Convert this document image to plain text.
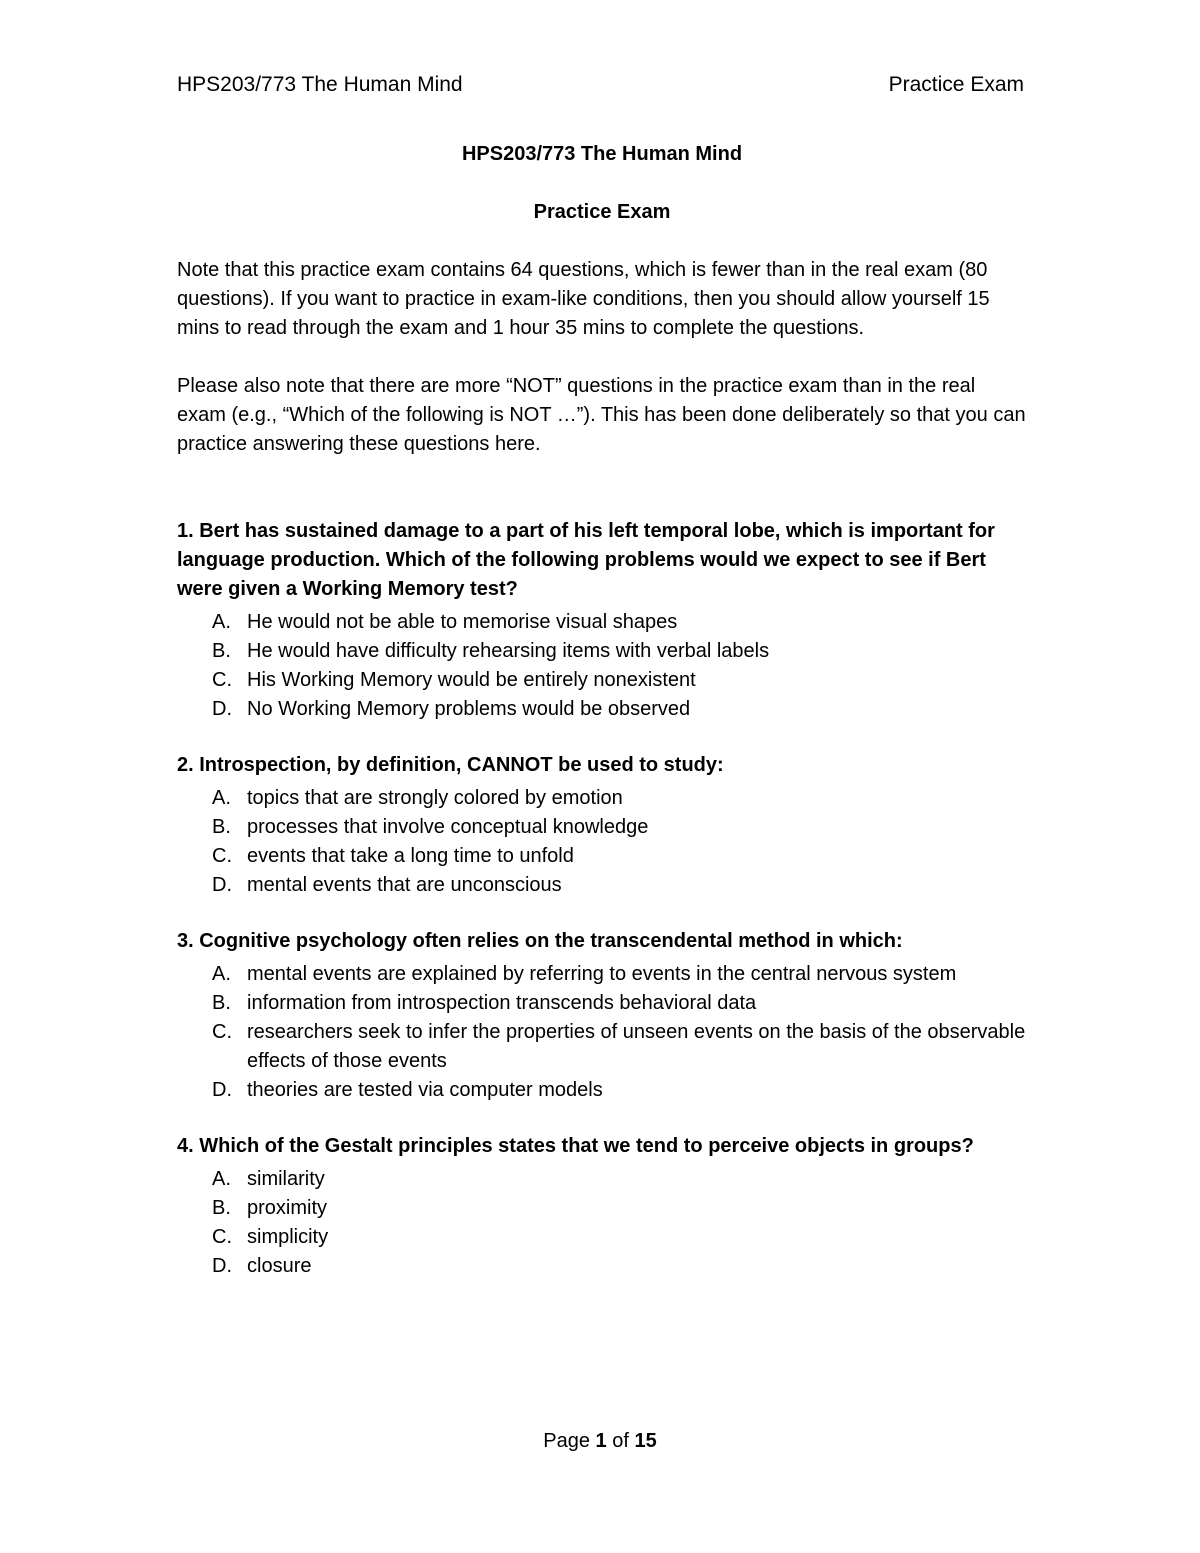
HPS203/773 The Human Mind	Practice Exam
HPS203/773 The Human Mind
Practice Exam

Note that this practice exam contains 64 questions, which is fewer than in the real exam (80 questions). If you want to practice in exam-like conditions, then you should allow yourself 15 mins to read through the exam and 1 hour 35 mins to complete the questions.

Please also note that there are more “NOT” questions in the practice exam than in the real exam (e.g., “Which of the following is NOT …”). This has been done deliberately so that you can practice answering these questions here.

1. Bert has sustained damage to a part of his left temporal lobe, which is important for language production. Which of the following problems would we expect to see if Bert were given a Working Memory test?
A. He would not be able to memorise visual shapes
B. He would have difficulty rehearsing items with verbal labels
C. His Working Memory would be entirely nonexistent
D. No Working Memory problems would be observed
2. Introspection, by definition, CANNOT be used to study:
A. topics that are strongly colored by emotion
B. processes that involve conceptual knowledge
C. events that take a long time to unfold
D. mental events that are unconscious
3. Cognitive psychology often relies on the transcendental method in which:
A. mental events are explained by referring to events in the central nervous system
B. information from introspection transcends behavioral data
C. researchers seek to infer the properties of unseen events on the basis of the observable effects of those events
D. theories are tested via computer models
4. Which of the Gestalt principles states that we tend to perceive objects in groups?
A. similarity
B. proximity
C. simplicity
D. closure
Page 1 of 15
